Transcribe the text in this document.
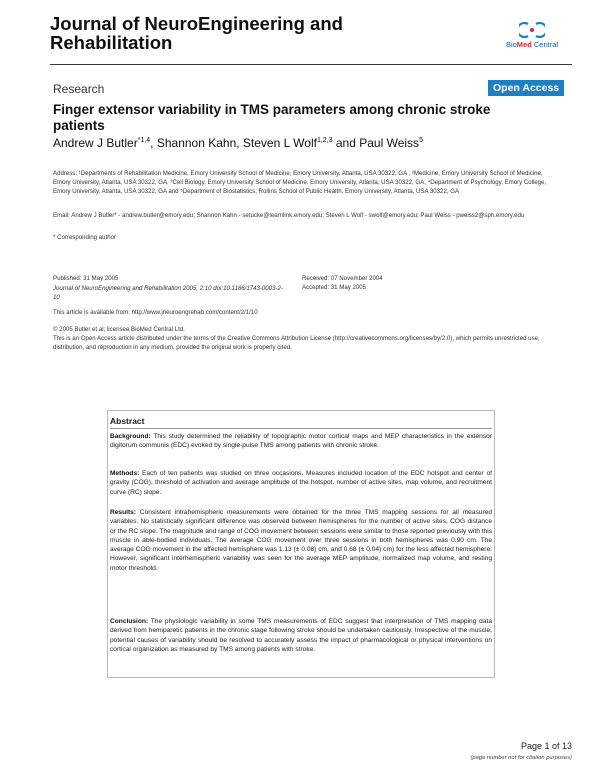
Journal of NeuroEngineering and Rehabilitation	BioMed Central
Research	Open Access
Finger extensor variability in TMS parameters among chronic stroke patients
Andrew J Butler$^{*1,4}$, Shannon Kahn, Steven L Wolf$^{1,2,3}$ and Paul Weiss$^5$
Address: ¹Departments of Rehabilitation Medicine, Emory University School of Medicine, Emory University, Atlanta, USA 30322, GA , ²Medicine, Emory University School of Medicine, Emory University, Atlanta, USA 30322, GA, ³Cell Biology, Emory University School of Medicine, Emory University, Atlanta, USA 30322, GA, ⁴Department of Psychology, Emory College, Emory University, Atlanta, USA 30322, GA and ⁵Department of Biostatistics, Rollins School of Public Health, Emory University, Atlanta, USA 30322, GA
Email: Andrew J Butler* - andrew.butler@emory.edu; Shannon Kahn - setucke@learnlink.emory.edu; Steven L Wolf - swolf@emory.edu; Paul Weiss - pweiss2@sph.emory.edu
* Corresponding author
Published: 31 May 2005
Journal of NeuroEngineering and Rehabilitation 2005, 2:10 doi:10.1186/1743-0003-2-10
Received: 07 November 2004
Accepted: 31 May 2005
This article is available from: http://www.jneuroengrehab.com/content/2/1/10
© 2005 Butler et al; licensee BioMed Central Ltd.
This is an Open Access article distributed under the terms of the Creative Commons Attribution License (http://creativecommons.org/licenses/by/2.0), which permits unrestricted use, distribution, and reproduction in any medium, provided the original work is properly cited.
Abstract
Background: This study determined the reliability of topographic motor cortical maps and MEP characteristics in the extensor digitorum communis (EDC) evoked by single-pulse TMS among patients with chronic stroke.
Methods: Each of ten patients was studied on three occasions. Measures included location of the EDC hotspot and center of gravity (COG), threshold of activation and average amplitude of the hotspot, number of active sites, map volume, and recruitment curve (RC) slope.
Results: Consistent intrahemispheric measurements were obtained for the three TMS mapping sessions for all measured variables. No statistically significant difference was observed between hemispheres for the number of active sites, COG distance or the RC slope. The magnitude and range of COG movement between sessions were similar to those reported previously with this muscle in able-bodied individuals. The average COG movement over three sessions in both hemispheres was 0.90 cm. The average COG movement in the affected hemisphere was 1.13 (± 0.08) cm, and 0.68 (± 0.04) cm) for the less affected hemisphere. However, significant interhemispheric variability was seen for the average MEP amplitude, normalized map volume, and resting motor threshold.
Conclusion: The physiologic variability in some TMS measurements of EDC suggest that interpretation of TMS mapping data derived from hemiparetic patients in the chronic stage following stroke should be undertaken cautiously. Irrespective of the muscle, potential causes of variability should be resolved to accurately assess the impact of pharmacological or physical interventions on cortical organization as measured by TMS among patients with stroke.
Page 1 of 13
(page number not for citation purposes)
